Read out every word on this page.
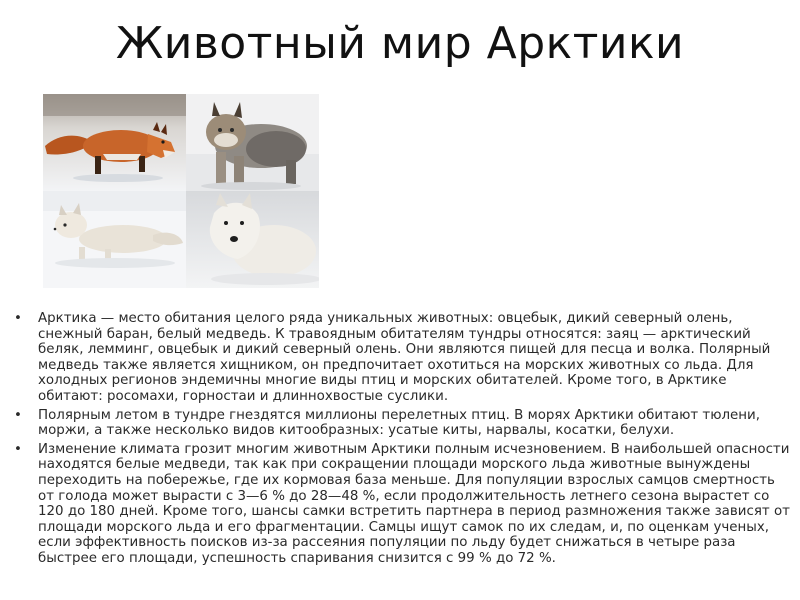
Животный мир Арктики
•	Арктика — место обитания целого ряда уникальных животных: овцебык, дикий северный олень, снежный баран, белый медведь. К травоядным обитателям тундры относятся: заяц — арктический беляк, лемминг, овцебык и дикий северный олень. Они являются пищей для песца и волка. Полярный медведь также является хищником, он предпочитает охотиться на морских животных со льда. Для холодных регионов эндемичны многие виды птиц и морских обитателей. Кроме того, в Арктике обитают: росомахи, горностаи и длиннохвостые суслики.
•	Полярным летом в тундре гнездятся миллионы перелетных птиц. В морях Арктики обитают тюлени, моржи, а также несколько видов китообразных: усатые киты, нарвалы, косатки, белухи.
•	Изменение климата грозит многим животным Арктики полным исчезновением. В наибольшей опасности находятся белые медведи, так как при сокращении площади морского льда животные вынуждены переходить на побережье, где их кормовая база меньше. Для популяции взрослых самцов смертность от голода может вырасти с 3—6 % до 28—48 %, если продолжительность летнего сезона вырастет со 120 до 180 дней. Кроме того, шансы самки встретить партнера в период размножения также зависят от площади морского льда и его фрагментации. Самцы ищут самок по их следам, и, по оценкам ученых, если эффективность поисков из-за рассеяния популяции по льду будет снижаться в четыре раза быстрее его площади, успешность спаривания снизится с 99 % до 72 %.
